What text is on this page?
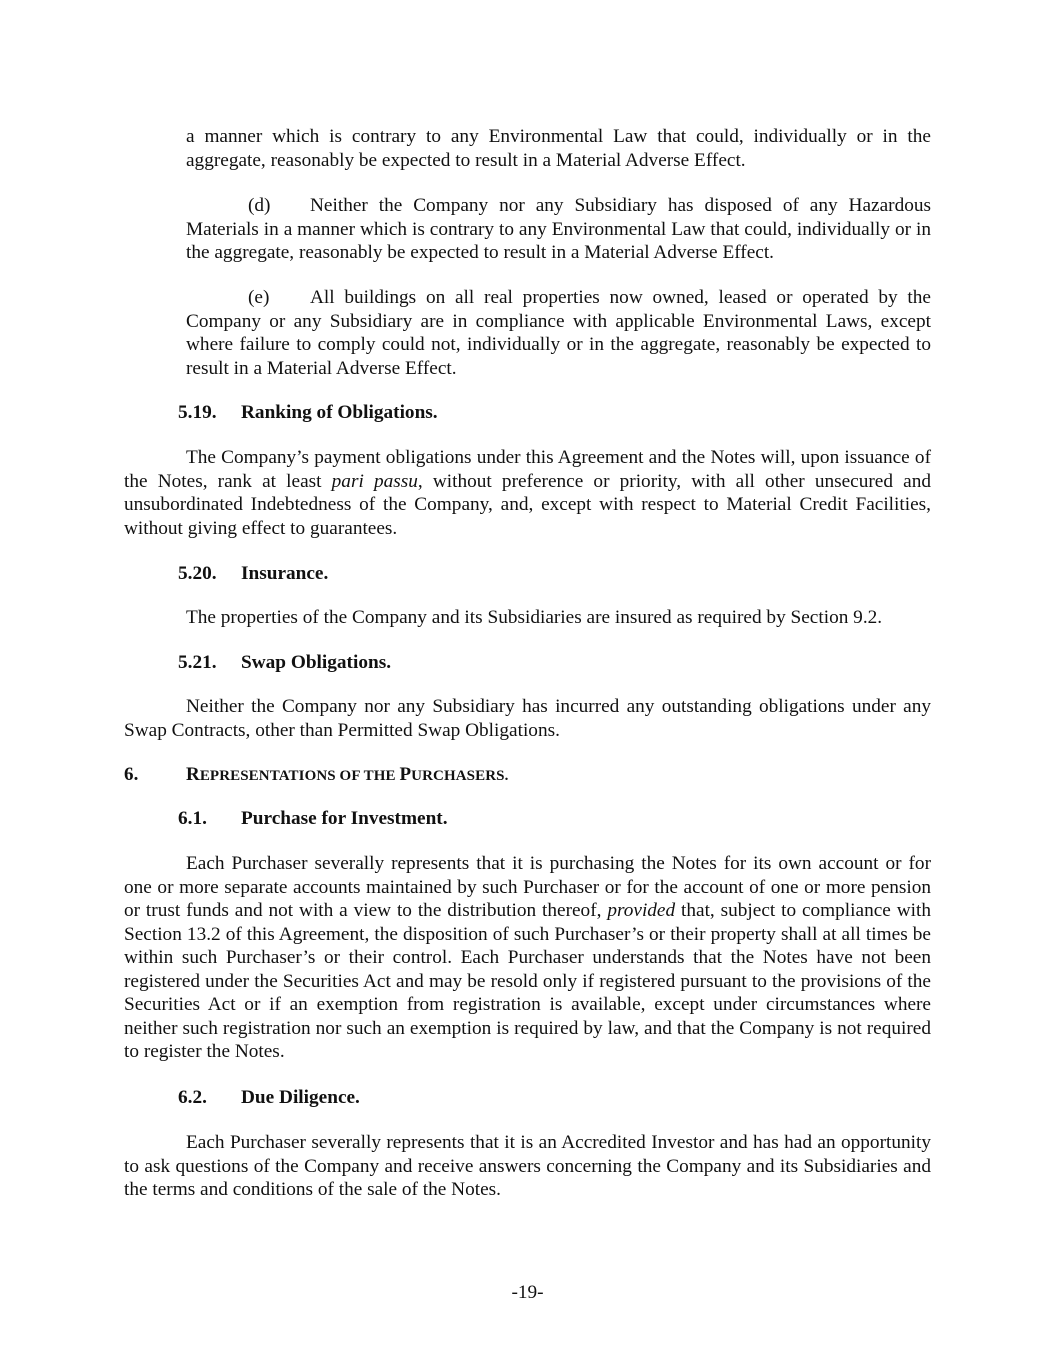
a manner which is contrary to any Environmental Law that could, individually or in the aggregate, reasonably be expected to result in a Material Adverse Effect.

(d) Neither the Company nor any Subsidiary has disposed of any Hazardous Materials in a manner which is contrary to any Environmental Law that could, individually or in the aggregate, reasonably be expected to result in a Material Adverse Effect.

(e) All buildings on all real properties now owned, leased or operated by the Company or any Subsidiary are in compliance with applicable Environmental Laws, except where failure to comply could not, individually or in the aggregate, reasonably be expected to result in a Material Adverse Effect.

5.19. Ranking of Obligations.

The Company’s payment obligations under this Agreement and the Notes will, upon issuance of the Notes, rank at least pari passu, without preference or priority, with all other unsecured and unsubordinated Indebtedness of the Company, and, except with respect to Material Credit Facilities, without giving effect to guarantees.

5.20. Insurance.

The properties of the Company and its Subsidiaries are insured as required by Section 9.2.

5.21. Swap Obligations.

Neither the Company nor any Subsidiary has incurred any outstanding obligations under any Swap Contracts, other than Permitted Swap Obligations.

6.	REPRESENTATIONS OF THE PURCHASERS.

6.1. Purchase for Investment.

Each Purchaser severally represents that it is purchasing the Notes for its own account or for one or more separate accounts maintained by such Purchaser or for the account of one or more pension or trust funds and not with a view to the distribution thereof, provided that, subject to compliance with Section 13.2 of this Agreement, the disposition of such Purchaser’s or their property shall at all times be within such Purchaser’s or their control. Each Purchaser understands that the Notes have not been registered under the Securities Act and may be resold only if registered pursuant to the provisions of the Securities Act or if an exemption from registration is available, except under circumstances where neither such registration nor such an exemption is required by law, and that the Company is not required to register the Notes.

6.2. Due Diligence.

Each Purchaser severally represents that it is an Accredited Investor and has had an opportunity to ask questions of the Company and receive answers concerning the Company and its Subsidiaries and the terms and conditions of the sale of the Notes.

-19-
